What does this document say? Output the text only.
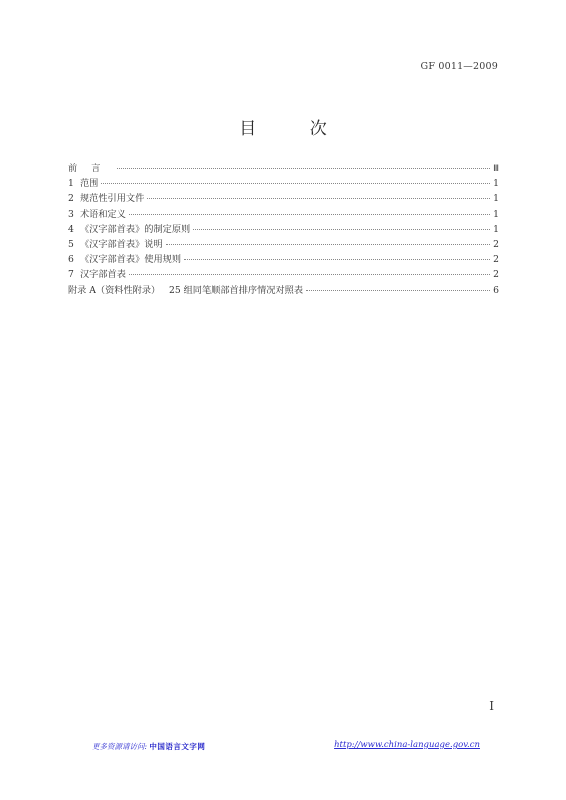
GF 0011—2009
目 次
前言	Ⅲ
1 范围	1
2 规范性引用文件	1
3 术语和定义	1
4 《汉字部首表》的制定原则	1
5 《汉字部首表》说明	2
6 《汉字部首表》使用规则	2
7 汉字部首表	2
附录 A（资料性附录）   25 组同笔顺部首排序情况对照表	6
I
更多资源请访问: 中国语言文字网	http://www.china-language.gov.cn
